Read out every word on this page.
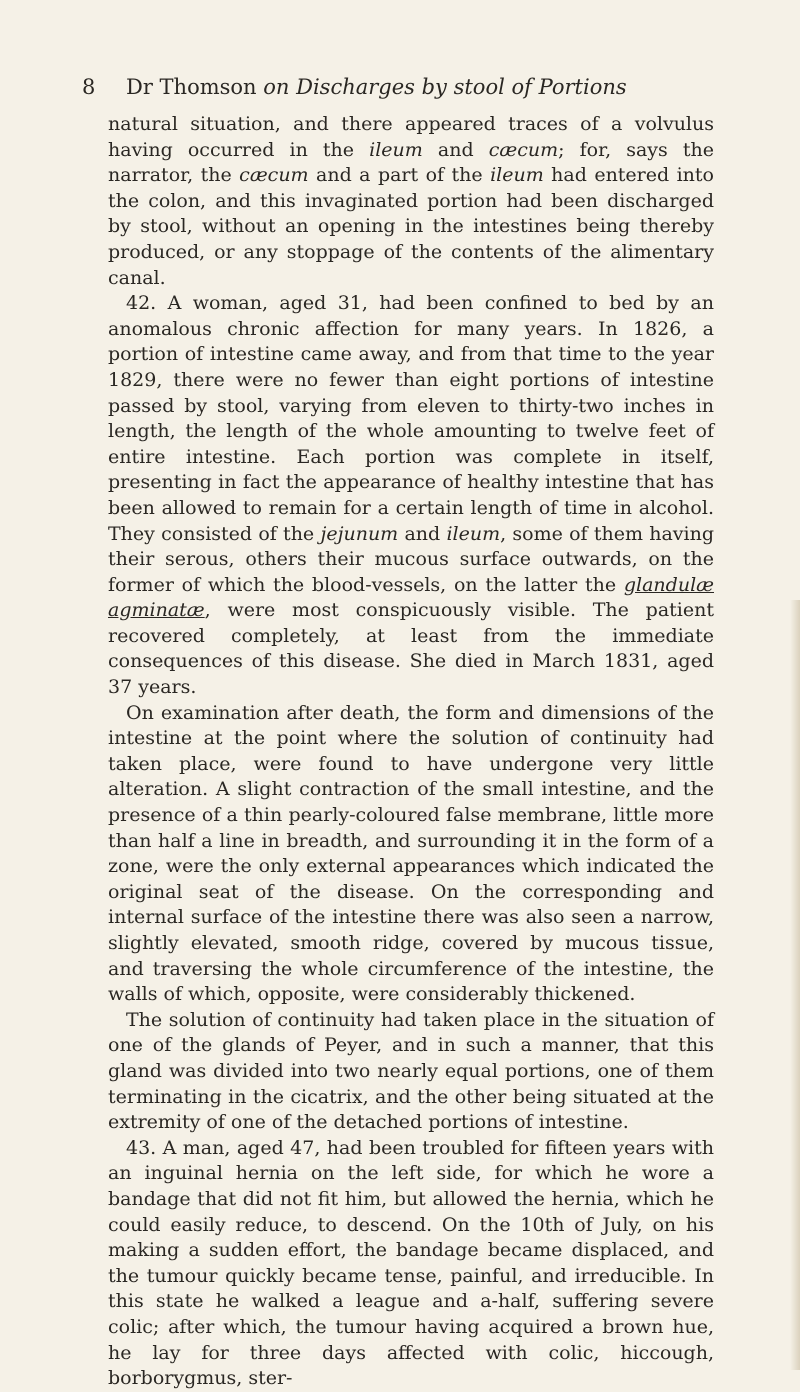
8 Dr Thomson on Discharges by stool of Portions

natural situation, and there appeared traces of a volvulus having occurred in the ileum and cæcum; for, says the narrator, the cæcum and a part of the ileum had entered into the colon, and this invaginated portion had been discharged by stool, without an opening in the intestines being thereby produced, or any stoppage of the contents of the alimentary canal.

42. A woman, aged 31, had been confined to bed by an anomalous chronic affection for many years. In 1826, a portion of intestine came away, and from that time to the year 1829, there were no fewer than eight portions of intestine passed by stool, varying from eleven to thirty-two inches in length, the length of the whole amounting to twelve feet of entire intestine. Each portion was complete in itself, presenting in fact the appearance of healthy intestine that has been allowed to remain for a certain length of time in alcohol. They consisted of the jejunum and ileum, some of them having their serous, others their mucous surface outwards, on the former of which the blood-vessels, on the latter the glandulæ agminatæ, were most conspicuously visible. The patient recovered completely, at least from the immediate consequences of this disease. She died in March 1831, aged 37 years.

On examination after death, the form and dimensions of the intestine at the point where the solution of continuity had taken place, were found to have undergone very little alteration. A slight contraction of the small intestine, and the presence of a thin pearly-coloured false membrane, little more than half a line in breadth, and surrounding it in the form of a zone, were the only external appearances which indicated the original seat of the disease. On the corresponding and internal surface of the intestine there was also seen a narrow, slightly elevated, smooth ridge, covered by mucous tissue, and traversing the whole circumference of the intestine, the walls of which, opposite, were considerably thickened.

The solution of continuity had taken place in the situation of one of the glands of Peyer, and in such a manner, that this gland was divided into two nearly equal portions, one of them terminating in the cicatrix, and the other being situated at the extremity of one of the detached portions of intestine.

43. A man, aged 47, had been troubled for fifteen years with an inguinal hernia on the left side, for which he wore a bandage that did not fit him, but allowed the hernia, which he could easily reduce, to descend. On the 10th of July, on his making a sudden effort, the bandage became displaced, and the tumour quickly became tense, painful, and irreducible. In this state he walked a league and a-half, suffering severe colic; after which, the tumour having acquired a brown hue, he lay for three days affected with colic, hiccough, borborygmus, ster-
